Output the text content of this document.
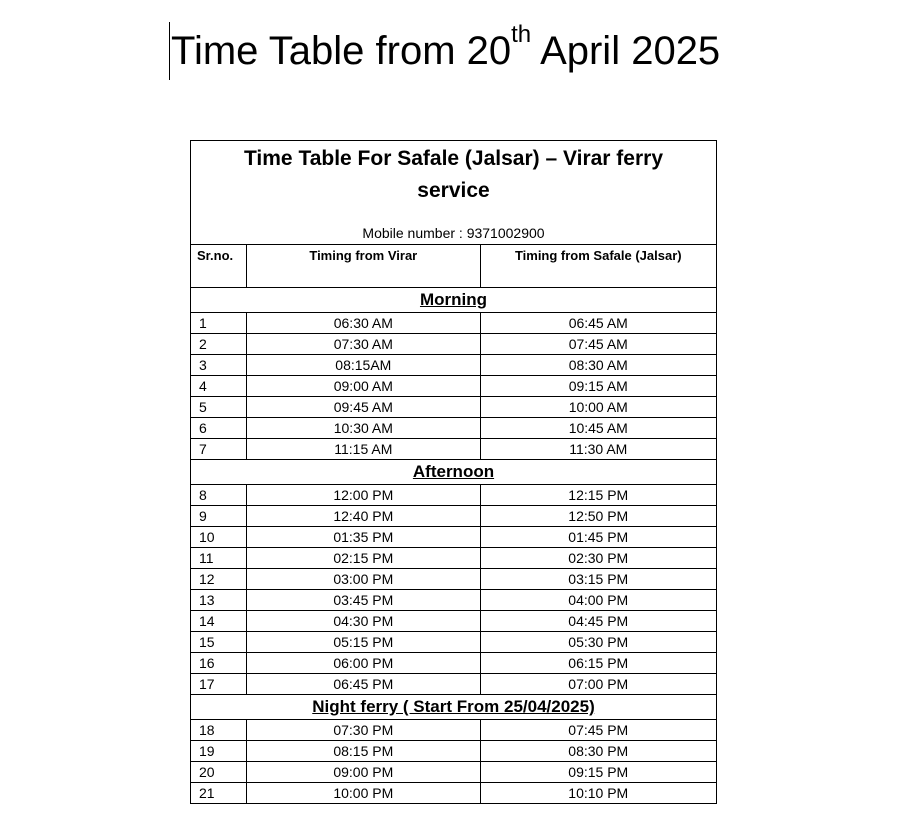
Time Table from 20th April 2025
Time Table For Safale (Jalsar) – Virar ferry
service
Mobile number : 9371002900		

Sr.no.	Timing from Virar	Timing from Safale (Jalsar)
Morning		
1	06:30 AM	06:45 AM
2	07:30 AM	07:45 AM
3	08:15AM	08:30 AM
4	09:00 AM	09:15 AM
5	09:45 AM	10:00 AM
6	10:30 AM	10:45 AM
7	11:15 AM	11:30 AM
Afternoon		
8	12:00 PM	12:15 PM
9	12:40 PM	12:50 PM
10	01:35 PM	01:45 PM
11	02:15 PM	02:30 PM
12	03:00 PM	03:15 PM
13	03:45 PM	04:00 PM
14	04:30 PM	04:45 PM
15	05:15 PM	05:30 PM
16	06:00 PM	06:15 PM
17	06:45 PM	07:00 PM
Night ferry ( Start From 25/04/2025)		
18	07:30 PM	07:45 PM
19	08:15 PM	08:30 PM
20	09:00 PM	09:15 PM
21	10:00 PM	10:10 PM
